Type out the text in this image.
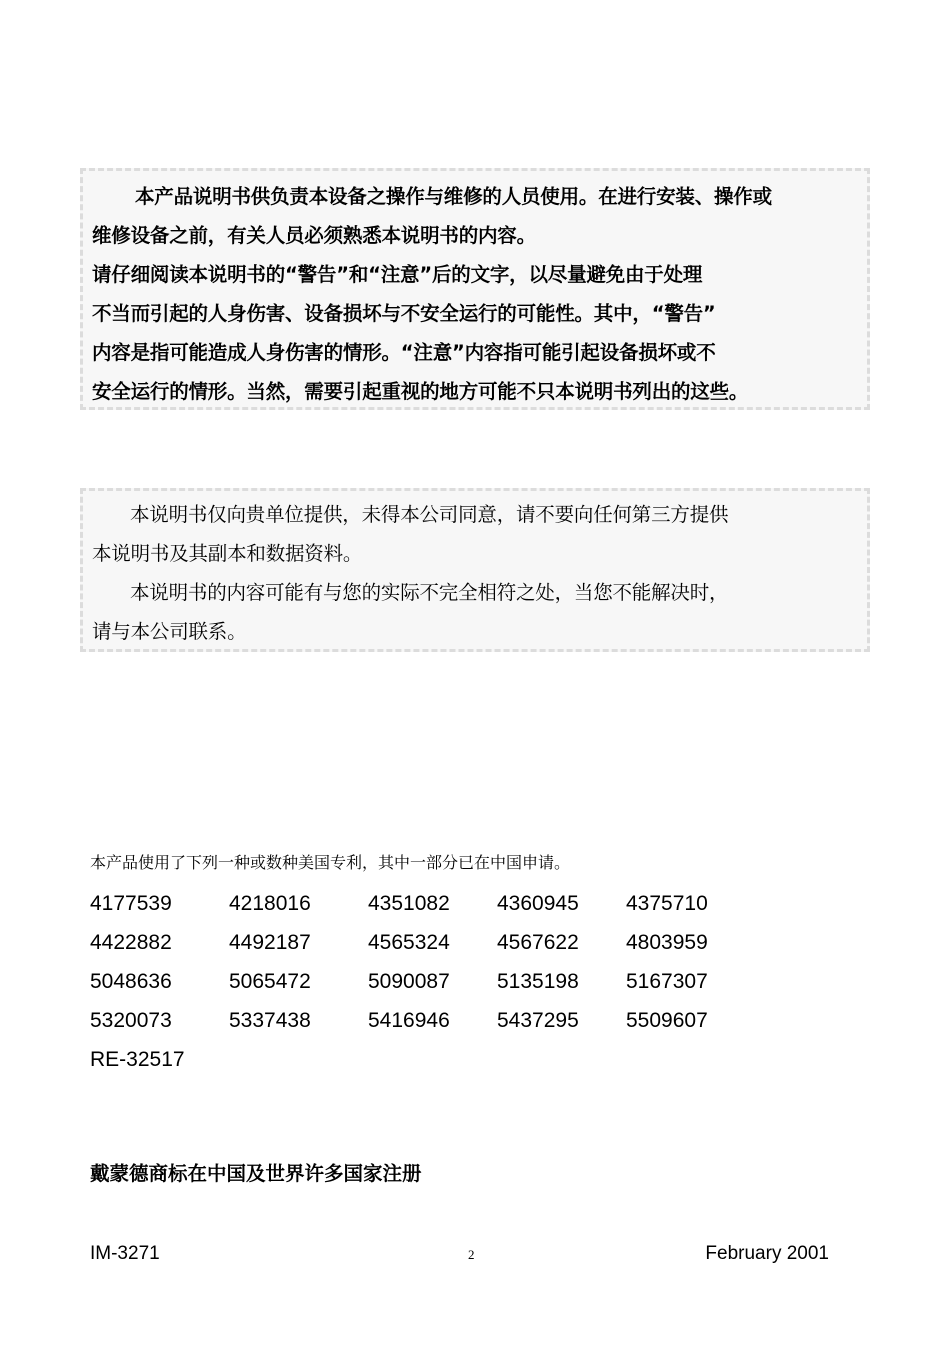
本产品说明书供负责本设备之操作与维修的人员使用。在进行安装、操作或
维修设备之前，有关人员必须熟悉本说明书的内容。
请仔细阅读本说明书的“警告”和“注意”后的文字，以尽量避免由于处理
不当而引起的人身伤害、设备损坏与不安全运行的可能性。其中，“警告”
内容是指可能造成人身伤害的情形。“注意”内容指可能引起设备损坏或不
安全运行的情形。当然，需要引起重视的地方可能不只本说明书列出的这些。
本说明书仅向贵单位提供，未得本公司同意，请不要向任何第三方提供
本说明书及其副本和数据资料。
本说明书的内容可能有与您的实际不完全相符之处，当您不能解决时，
请与本公司联系。
本产品使用了下列一种或数种美国专利，其中一部分已在中国申请。
4177539	4218016	4351082	4360945	4375710
4422882	4492187	4565324	4567622	4803959
5048636	5065472	5090087	5135198	5167307
5320073	5337438	5416946	5437295	5509607
RE-32517				
戴蒙德商标在中国及世界许多国家注册
IM-3271	2	February 2001
